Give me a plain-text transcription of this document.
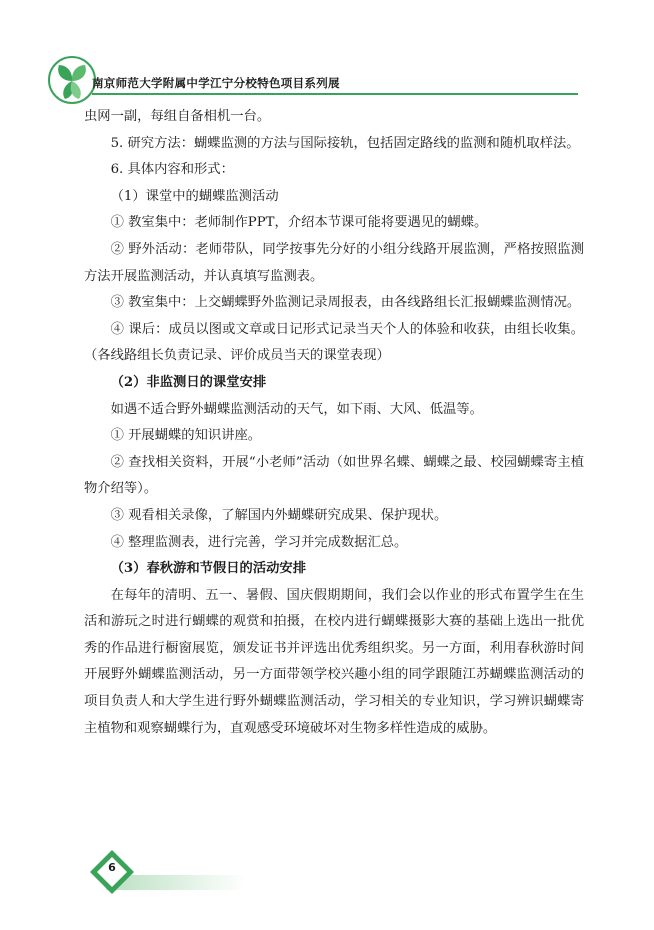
南京师范大学附属中学江宁分校特色项目系列展

虫网一副，每组自备相机一台。

5. 研究方法：蝴蝶监测的方法与国际接轨，包括固定路线的监测和随机取样法。

6. 具体内容和形式：

（1）课堂中的蝴蝶监测活动

① 教室集中：老师制作PPT，介绍本节课可能将要遇见的蝴蝶。

② 野外活动：老师带队，同学按事先分好的小组分线路开展监测，严格按照监测方法开展监测活动，并认真填写监测表。

③ 教室集中：上交蝴蝶野外监测记录周报表，由各线路组长汇报蝴蝶监测情况。

④ 课后：成员以图或文章或日记形式记录当天个人的体验和收获，由组长收集。（各线路组长负责记录、评价成员当天的课堂表现）

（2）非监测日的课堂安排

如遇不适合野外蝴蝶监测活动的天气，如下雨、大风、低温等。

① 开展蝴蝶的知识讲座。

② 查找相关资料，开展“小老师”活动（如世界名蝶、蝴蝶之最、校园蝴蝶寄主植物介绍等）。

③ 观看相关录像，了解国内外蝴蝶研究成果、保护现状。

④ 整理监测表，进行完善，学习并完成数据汇总。

（3）春秋游和节假日的活动安排

在每年的清明、五一、暑假、国庆假期期间，我们会以作业的形式布置学生在生活和游玩之时进行蝴蝶的观赏和拍摄，在校内进行蝴蝶摄影大赛的基础上选出一批优秀的作品进行橱窗展览，颁发证书并评选出优秀组织奖。另一方面，利用春秋游时间开展野外蝴蝶监测活动，另一方面带领学校兴趣小组的同学跟随江苏蝴蝶监测活动的项目负责人和大学生进行野外蝴蝶监测活动，学习相关的专业知识，学习辨识蝴蝶寄主植物和观察蝴蝶行为，直观感受环境破坏对生物多样性造成的威胁。

6
